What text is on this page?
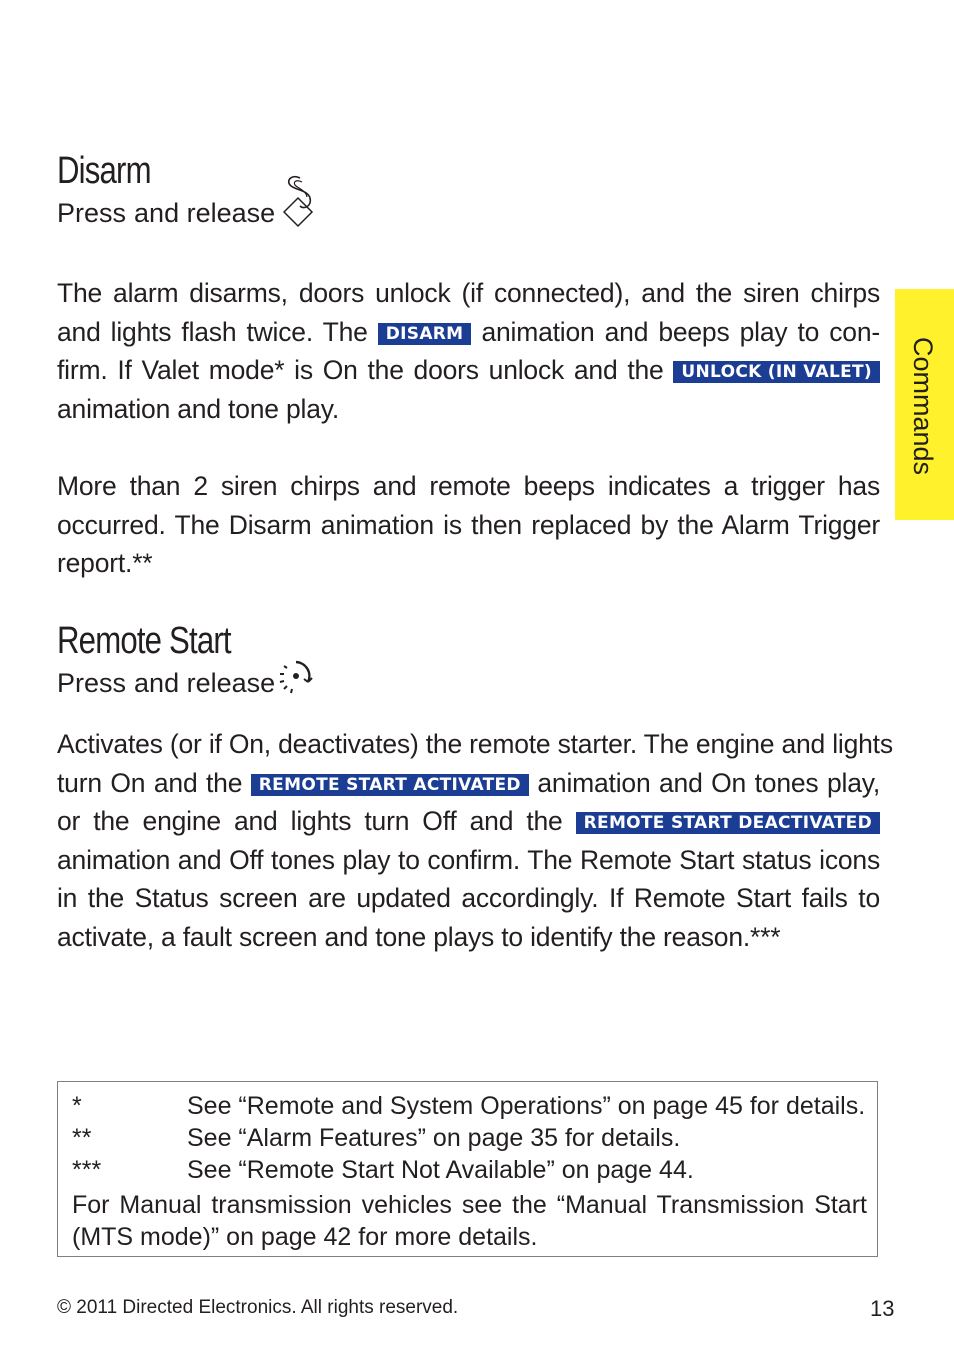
Disarm
Press and release
The alarm disarms, doors unlock (if connected), and the siren chirps
and lights flash twice. The DISARM animation and beeps play to con-
firm. If Valet mode* is On the doors unlock and the UNLOCK (IN VALET)
animation and tone play.
More than 2 siren chirps and remote beeps indicates a trigger has
occurred. The Disarm animation is then replaced by the Alarm Trigger
report.**
Remote Start
Press and release
Activates (or if On, deactivates) the remote starter. The engine and lights
turn On and the REMOTE START ACTIVATED animation and On tones play,
or the engine and lights turn Off and the REMOTE START DEACTIVATED
animation and Off tones play to confirm. The Remote Start status icons
in the Status screen are updated accordingly. If Remote Start fails to
activate, a fault screen and tone plays to identify the reason.***
Commands
*	See “Remote and System Operations” on page 45 for details.
**	See “Alarm Features” on page 35 for details.
***	See “Remote Start Not Available” on page 44.
For Manual transmission vehicles see the “Manual Transmission Start (MTS mode)” on page 42 for more details.
© 2011 Directed Electronics. All rights reserved.	13
